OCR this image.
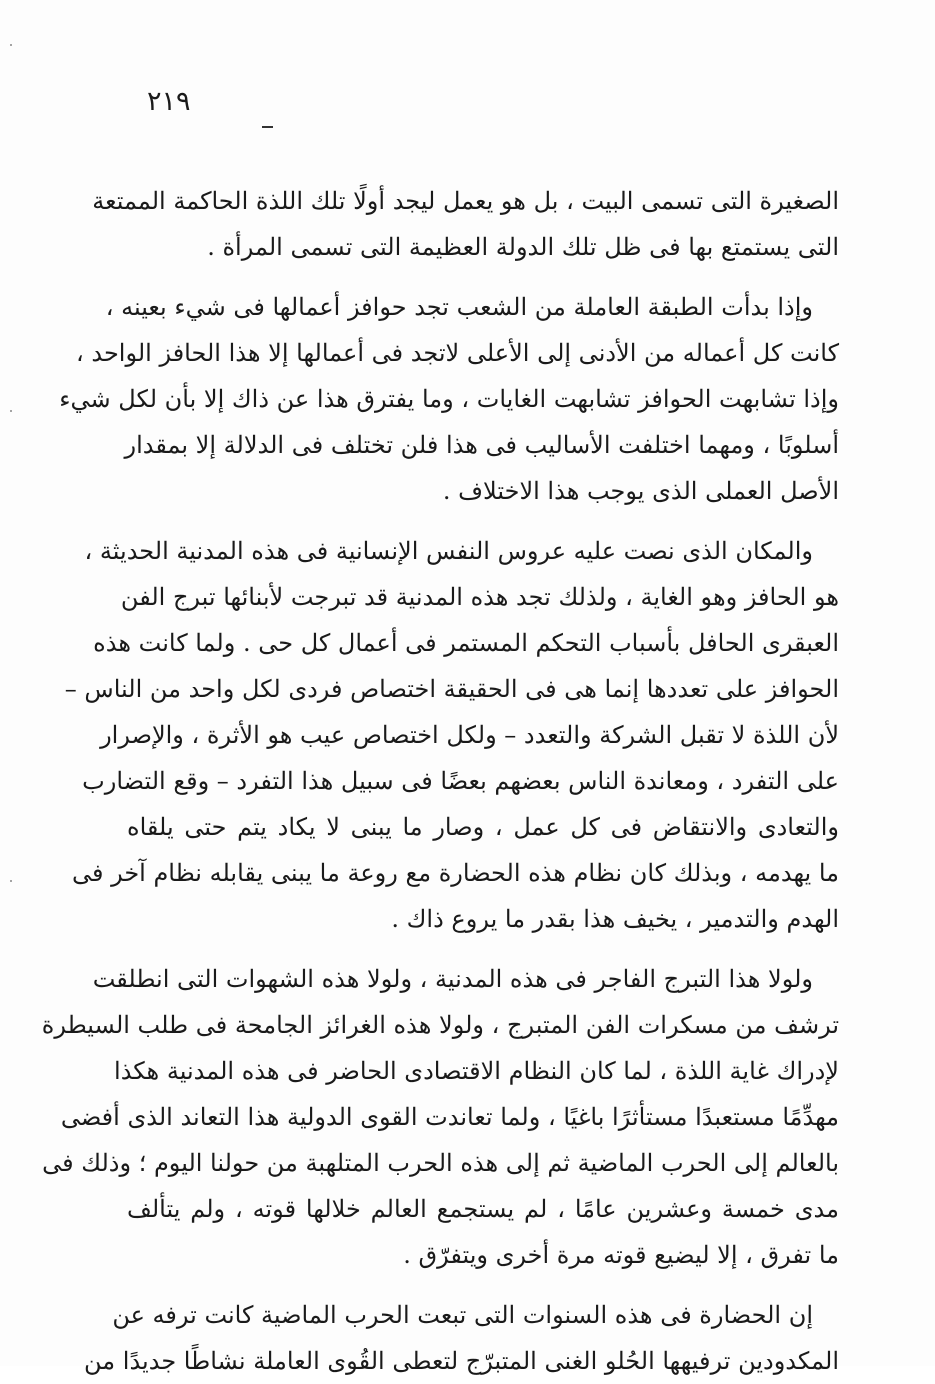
٢١٩
الصغيرة التى تسمى البيت ، بل هو يعمل ليجد أولًا تلك اللذة الحاكمة الممتعة
التى يستمتع بها فى ظل تلك الدولة العظيمة التى تسمى المرأة .
وإذا بدأت الطبقة العاملة من الشعب تجد حوافز أعمالها فى شيء بعينه ،
كانت كل أعماله من الأدنى إلى الأعلى لاتجد فى أعمالها إلا هذا الحافز الواحد ،
وإذا تشابهت الحوافز تشابهت الغايات ، وما يفترق هذا عن ذاك إلا بأن لكل شيء
أسلوبًا ، ومهما اختلفت الأساليب فى هذا فلن تختلف فى الدلالة إلا بمقدار
الأصل العملى الذى يوجب هذا الاختلاف .
والمكان الذى نصت عليه عروس النفس الإنسانية فى هذه المدنية الحديثة ،
هو الحافز وهو الغاية ، ولذلك تجد هذه المدنية قد تبرجت لأبنائها تبرج الفن
العبقرى الحافل بأسباب التحكم المستمر فى أعمال كل حى . ولما كانت هذه
الحوافز على تعددها إنما هى فى الحقيقة اختصاص فردى لكل واحد من الناس –
لأن اللذة لا تقبل الشركة والتعدد – ولكل اختصاص عيب هو الأثرة ، والإصرار
على التفرد ، ومعاندة الناس بعضهم بعضًا فى سبيل هذا التفرد – وقع التضارب
والتعادى والانتقاض فى كل عمل ، وصار ما يبنى لا يكاد يتم حتى يلقاه
ما يهدمه ، وبذلك كان نظام هذه الحضارة مع روعة ما يبنى يقابله نظام آخر فى
الهدم والتدمير ، يخيف هذا بقدر ما يروع ذاك .
ولولا هذا التبرج الفاجر فى هذه المدنية ، ولولا هذه الشهوات التى انطلقت
ترشف من مسكرات الفن المتبرج ، ولولا هذه الغرائز الجامحة فى طلب السيطرة
لإدراك غاية اللذة ، لما كان النظام الاقتصادى الحاضر فى هذه المدنية هكذا
مهدِّمًا مستعبدًا مستأثرًا باغيًا ، ولما تعاندت القوى الدولية هذا التعاند الذى أفضى
بالعالم إلى الحرب الماضية ثم إلى هذه الحرب المتلهبة من حولنا اليوم ؛ وذلك فى
مدى خمسة وعشرين عامًا ، لم يستجمع العالم خلالها قوته ، ولم يتألف
ما تفرق ، إلا ليضيع قوته مرة أخرى ويتفرّق .
إن الحضارة فى هذه السنوات التى تبعت الحرب الماضية كانت ترفه عن
المكدودين ترفيهها الحُلو الغنى المتبرّج لتعطى القُوى العاملة نشاطًا جديدًا من
